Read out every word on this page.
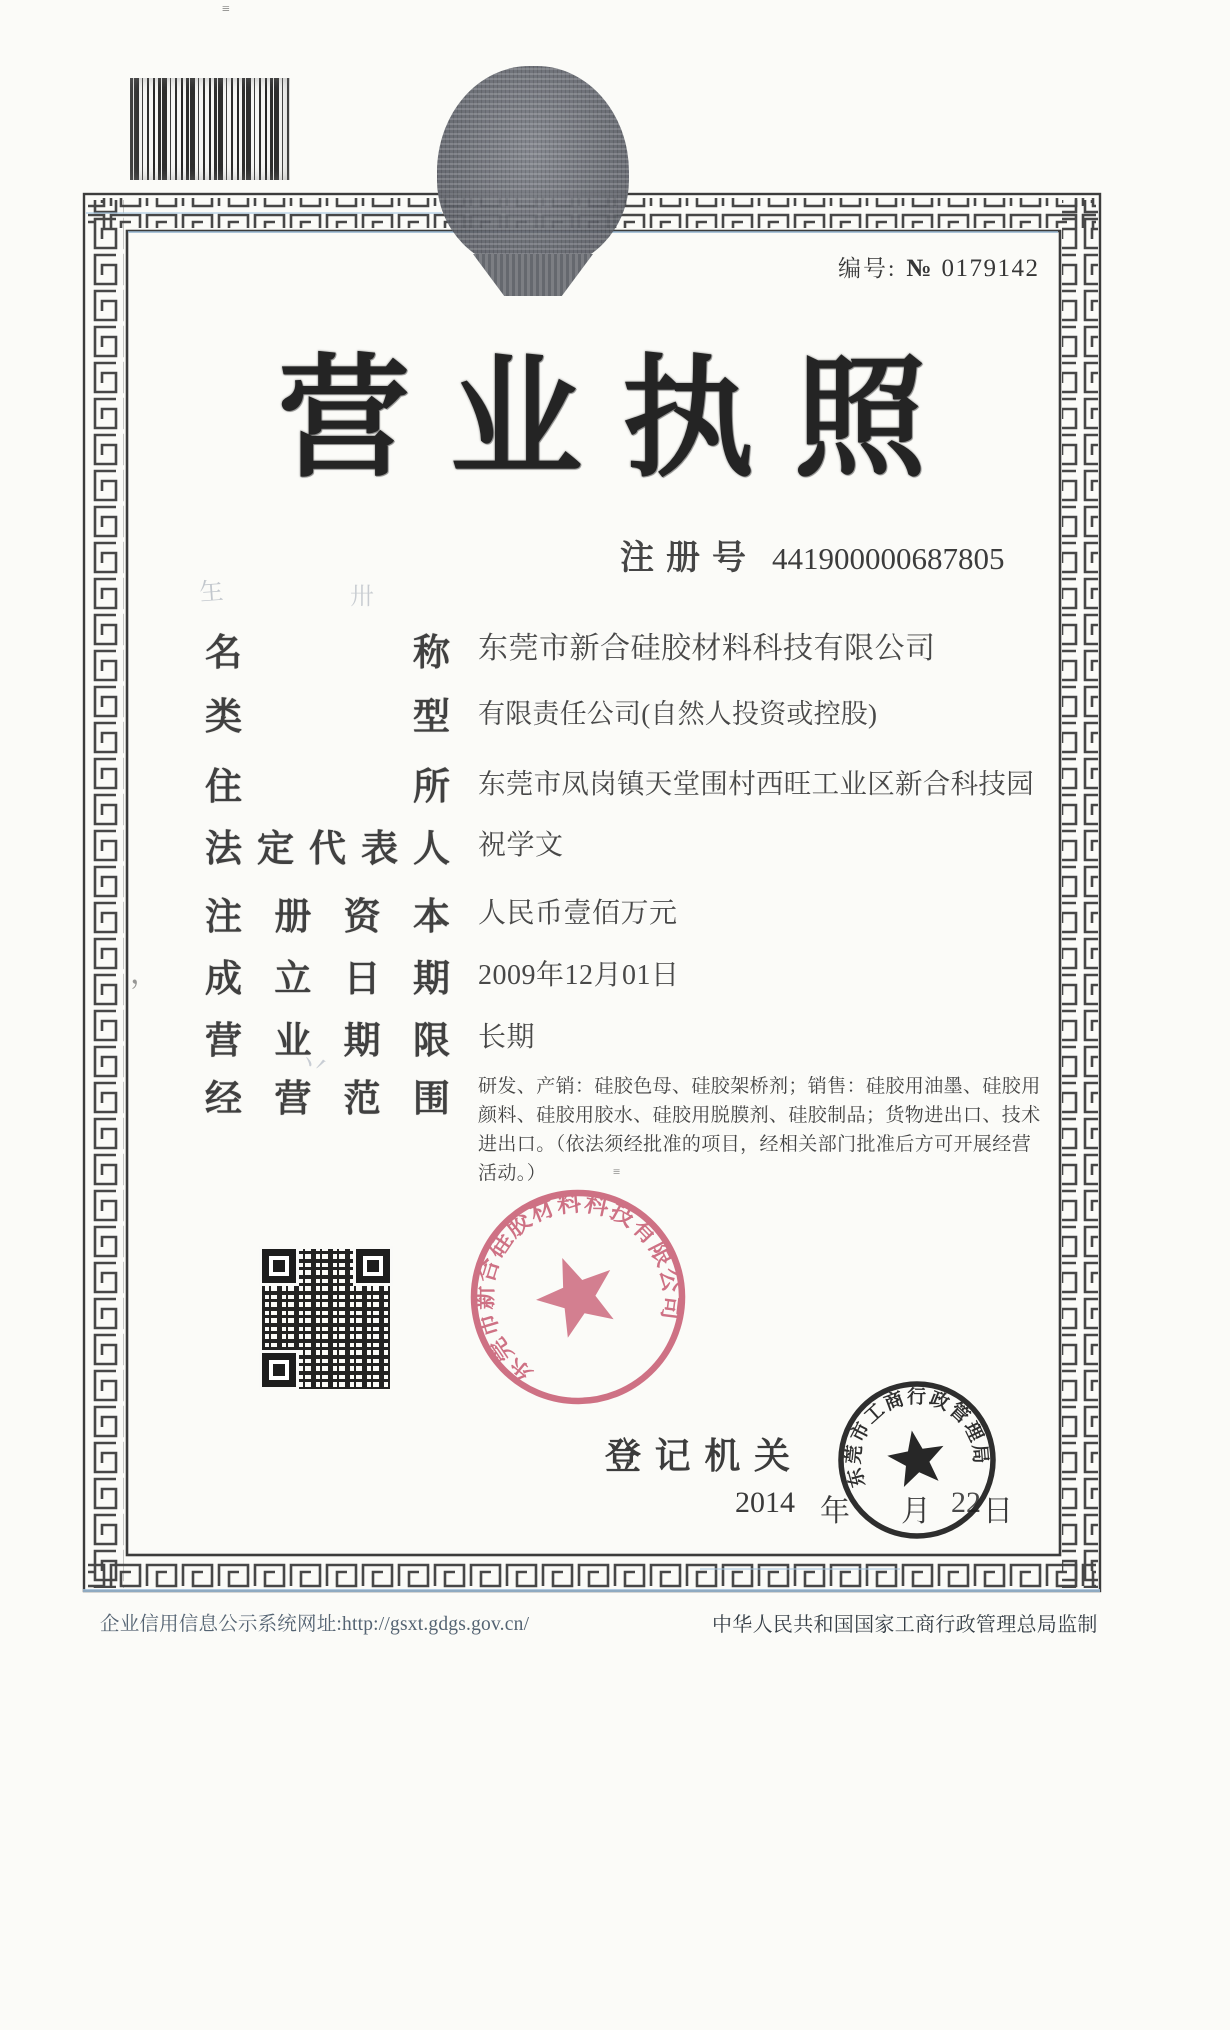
编号: № 0179142
营 业 执 照
注 册 号 441900000687805
名	称 东莞市新合硅胶材料科技有限公司
类	型 有限责任公司(自然人投资或控股)
住	所 东莞市凤岗镇天堂围村西旺工业区新合科技园
法 定 代 表 人 祝学文
注 册 资 本 人民币壹佰万元
成 立 日 期 2009年12月01日
营 业 期 限 长期
经 营 范 围 研发、产销：硅胶色母、硅胶架桥剂；销售：硅胶用油墨、硅胶用
颜料、硅胶用胶水、硅胶用脱膜剂、硅胶制品；货物进出口、技术
进出口。（依法须经批准的项目，经相关部门批准后方可开展经营
活动。）	≡
东莞市新合硅胶材料科技有限公司
登 记 机 关
2014 年 月 22 日
东莞市工商行政管理局
企业信用信息公示系统网址:http://gsxt.gdgs.gov.cn/	中华人民共和国国家工商行政管理总局监制
玍	卅
丷
，
≡
